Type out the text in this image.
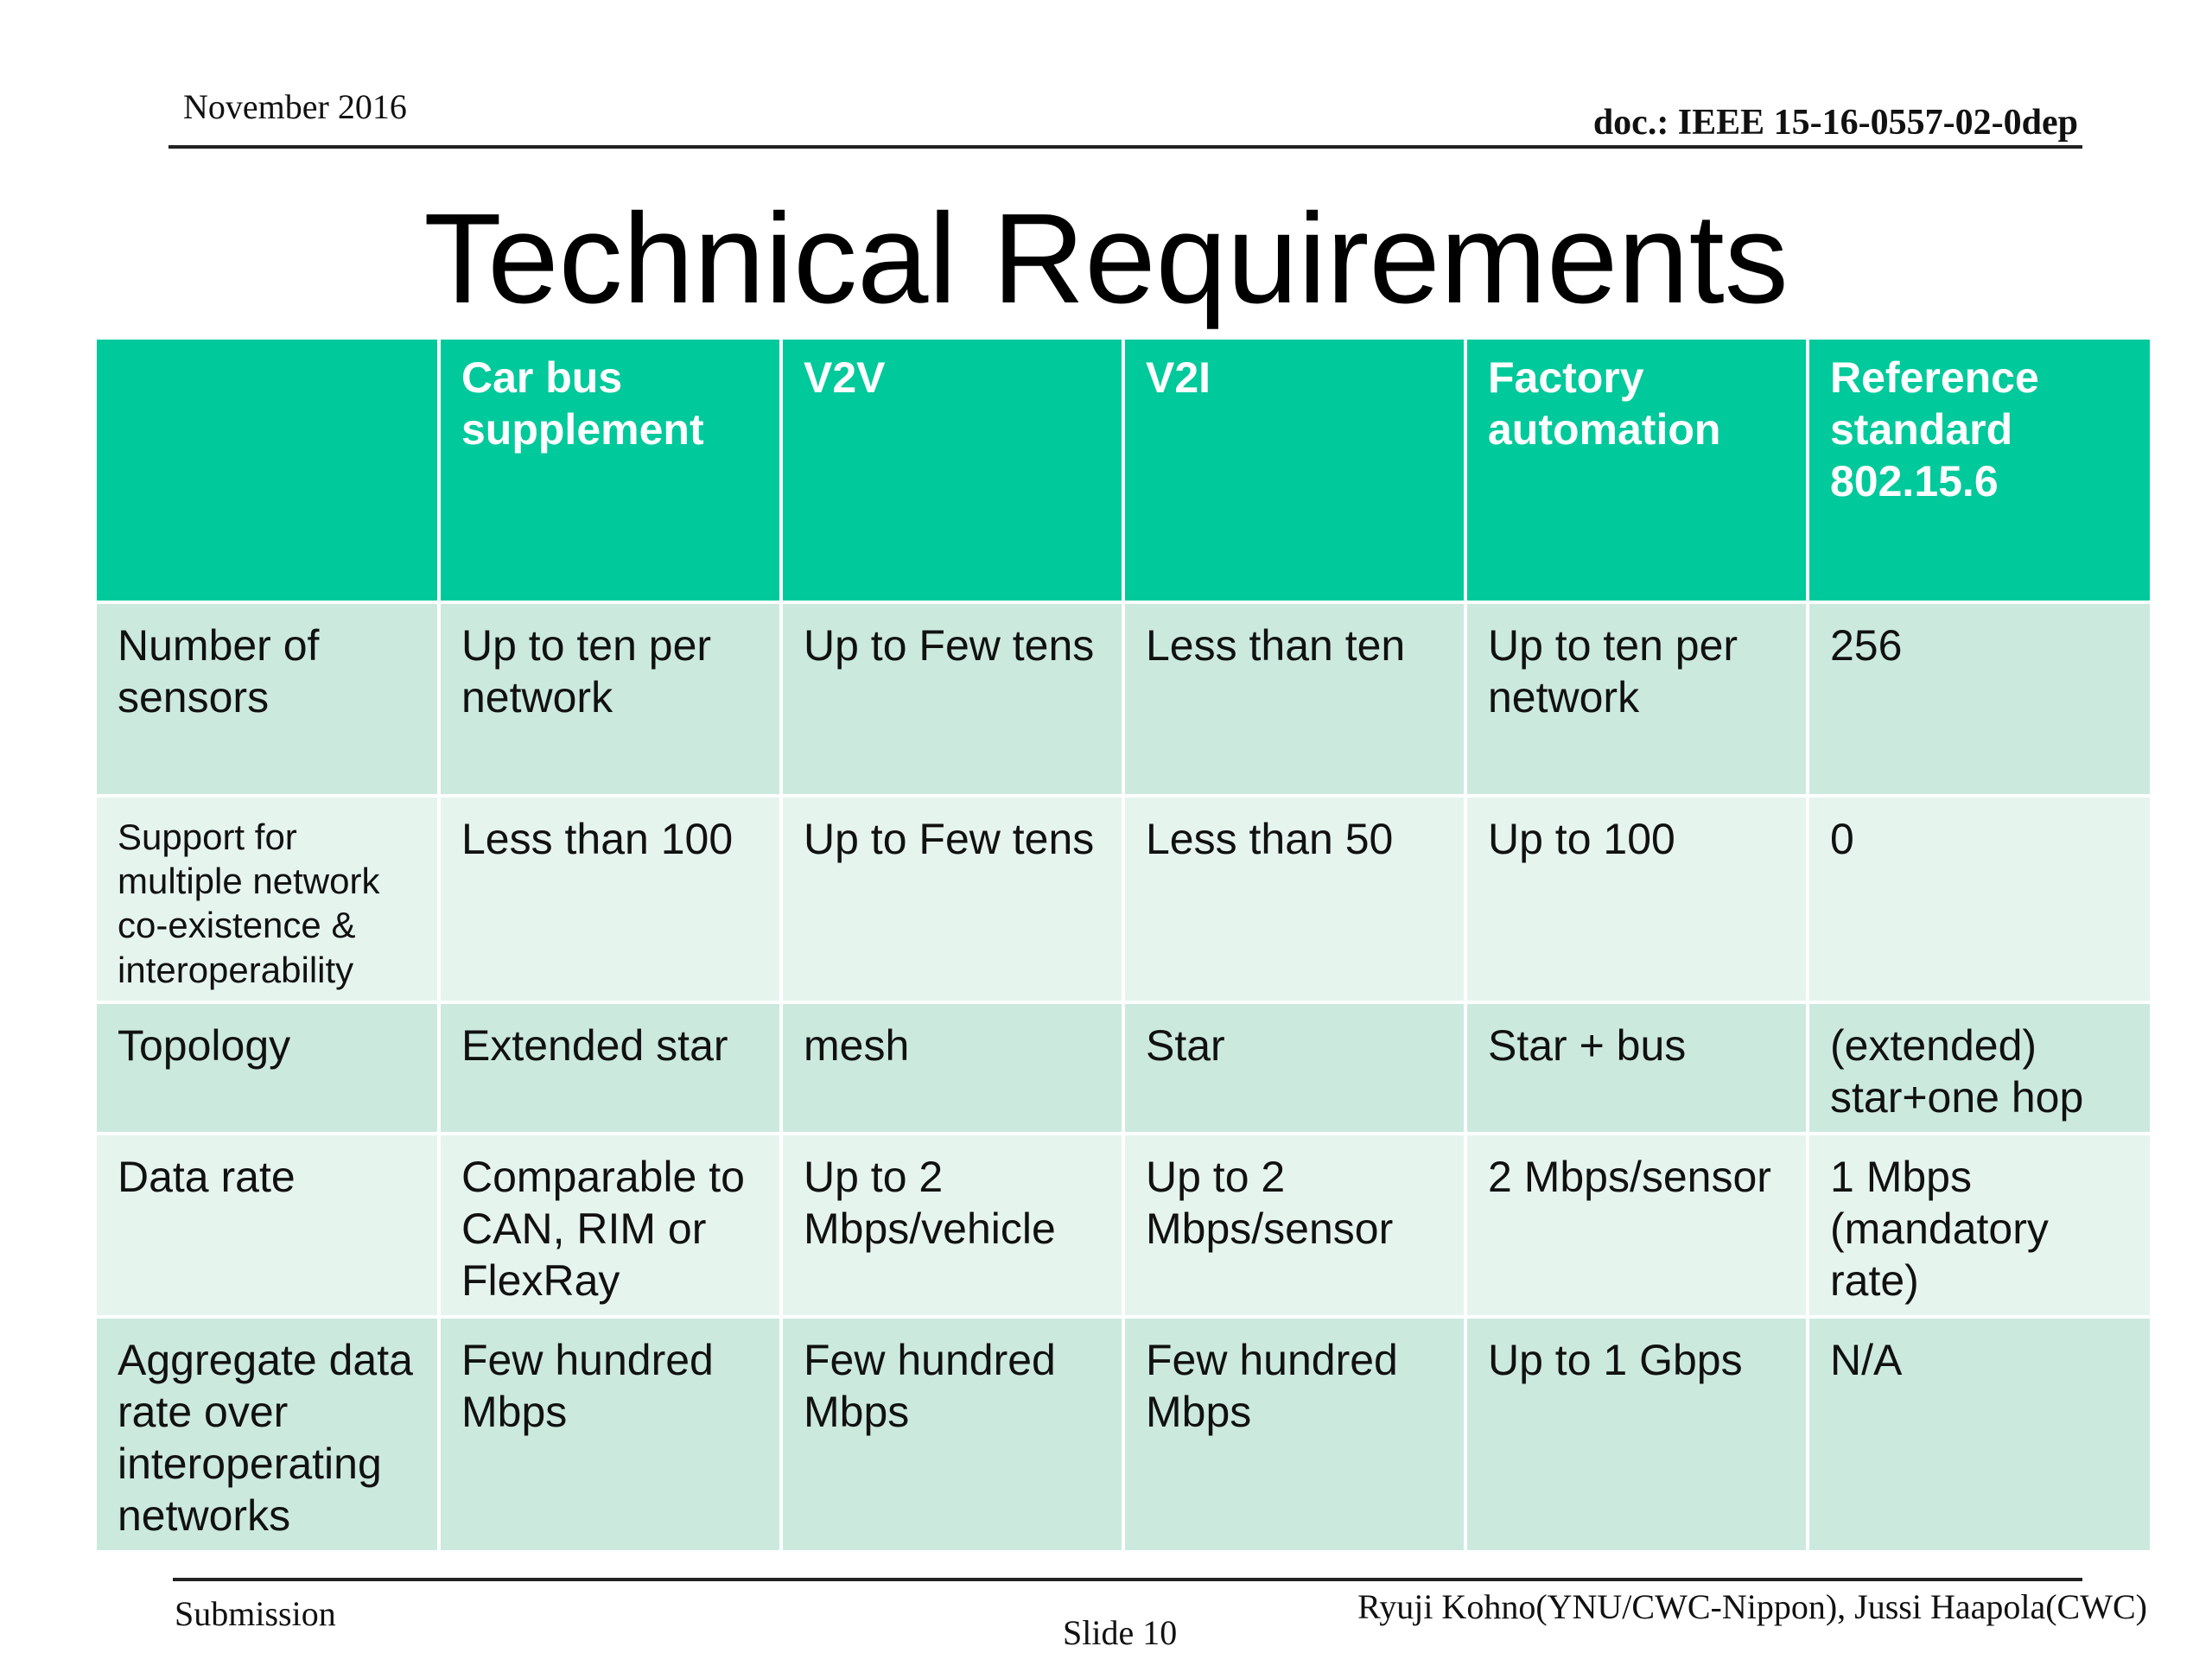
November 2016	doc.: IEEE 15-16-0557-02-0dep
Technical Requirements
	Car bus supplement	V2V	V2I	Factory automation	Reference standard 802.15.6
Number of sensors	Up to ten per network	Up to Few tens	Less than ten	Up to ten per network	256
Support for multiple network co-existence & interoperability	Less than 100	Up to Few tens	Less than 50	Up to 100	0
Topology	Extended star	mesh	Star	Star + bus	(extended) star+one hop
Data rate	Comparable to CAN, RIM or FlexRay	Up to 2 Mbps/vehicle	Up to 2 Mbps/sensor	2 Mbps/sensor	1 Mbps (mandatory rate)
Aggregate data rate over interoperating networks	Few hundred Mbps	Few hundred Mbps	Few hundred Mbps	Up to 1 Gbps	N/A
Submission	Slide 10
Ryuji Kohno(YNU/CWC-Nippon), Jussi Haapola(CWC)
